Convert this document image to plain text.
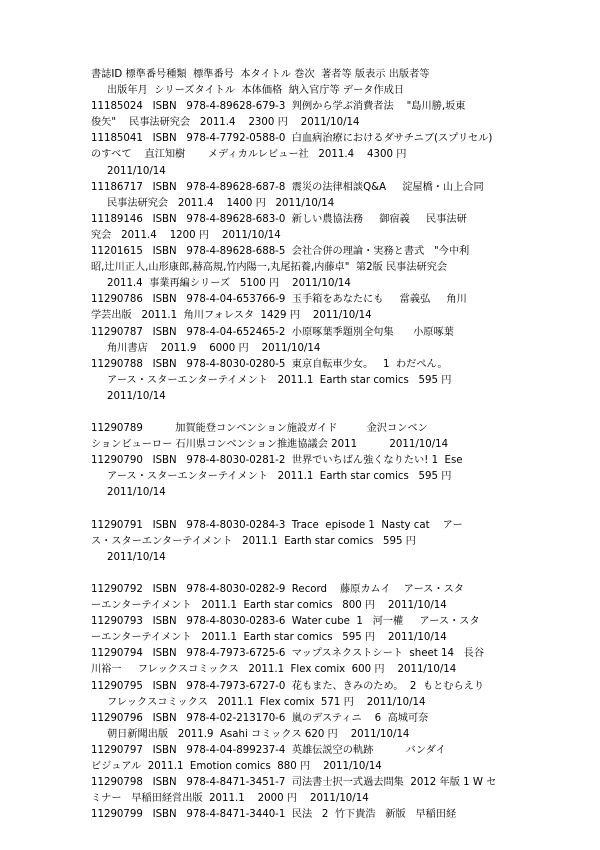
書誌ID 標準番号種類  標準番号  本タイトル 巻次  著者等 版表示 出版者等
出版年月  シリーズタイトル  本体価格  納入官庁等 データ作成日
11185024   ISBN   978-4-89628-679-3  判例から学ぶ消費者法    "島川勝,坂東
俊矢"    民事法研究会   2011.4    2300 円    2011/10/14
11185041   ISBN   978-4-7792-0588-0  白血病治療におけるダサチニブ(スプリセル)
のすべて    直江知樹       メディカルレビュー社   2011.4    4300 円
2011/10/14
11186717   ISBN   978-4-89628-687-8  震災の法律相談Q&A     淀屋橋・山上合同
民事法研究会   2011.4    1400 円   2011/10/14
11189146   ISBN   978-4-89628-683-0  新しい農協法務     御宿義     民事法研
究会   2011.4    1200 円    2011/10/14
11201615   ISBN   978-4-89628-688-5  会社合併の理論・実務と書式   "今中利
昭,辻川正人,山形康郎,赫高規,竹内陽一,丸尾拓養,内藤卓"  第2版 民事法研究会
2011.4  事業再編シリーズ   5100 円    2011/10/14
11290786   ISBN   978-4-04-653766-9  玉手箱をあなたにも     當義弘     角川
学芸出版   2011.1  角川フォレスタ  1429 円    2011/10/14
11290787   ISBN   978-4-04-652465-2  小原啄葉季題別全句集      小原啄葉
角川書店    2011.9    6000 円    2011/10/14
11290788   ISBN   978-4-8030-0280-5  東京自転車少女。   1  わだぺん。
アース・スターエンターテイメント   2011.1  Earth star comics   595 円
2011/10/14
11290789          加賀能登コンベンション施設ガイド         金沢コンベン
ションビューロー 石川県コンベンション推進協議会 2011          2011/10/14
11290790   ISBN   978-4-8030-0281-2  世界でいちばん強くなりたい! 1  Ese
アース・スターエンターテイメント   2011.1  Earth star comics   595 円
2011/10/14
11290791   ISBN   978-4-8030-0284-3  Trace  episode 1  Nasty cat    アー
ス・スターエンターテイメント   2011.1  Earth star comics   595 円
2011/10/14
11290792   ISBN   978-4-8030-0282-9  Record    藤原カムイ    アース・スタ
ーエンターテイメント   2011.1  Earth star comics   800 円    2011/10/14
11290793   ISBN   978-4-8030-0283-6  Water cube  1   河一權     アース・スタ
ーエンターテイメント   2011.1  Earth star comics   595 円    2011/10/14
11290794   ISBN   978-4-7973-6725-6  マップスネクストシート  sheet 14   長谷
川裕一     フレックスコミックス   2011.1  Flex comix  600 円    2011/10/14
11290795   ISBN   978-4-7973-6727-0  花もまた、きみのため。  2  もとむらえり
フレックスコミックス   2011.1  Flex comix  571 円    2011/10/14
11290796   ISBN   978-4-02-213170-6  嵐のデスティニ    6  高城可奈
朝日新聞出版   2011.9  Asahi コミックス 620 円    2011/10/14
11290797   ISBN   978-4-04-899237-4  英雄伝説空の軌跡          バンダイ
ビジュアル  2011.1  Emotion comics  880 円    2011/10/14
11290798   ISBN   978-4-8471-3451-7  司法書士択一式過去問集  2012 年版 1 W セ
ミナー   早稲田経営出版  2011.1    2000 円    2011/10/14
11290799   ISBN   978-4-8471-3440-1  民法   2  竹下貴浩   新版   早稲田経
